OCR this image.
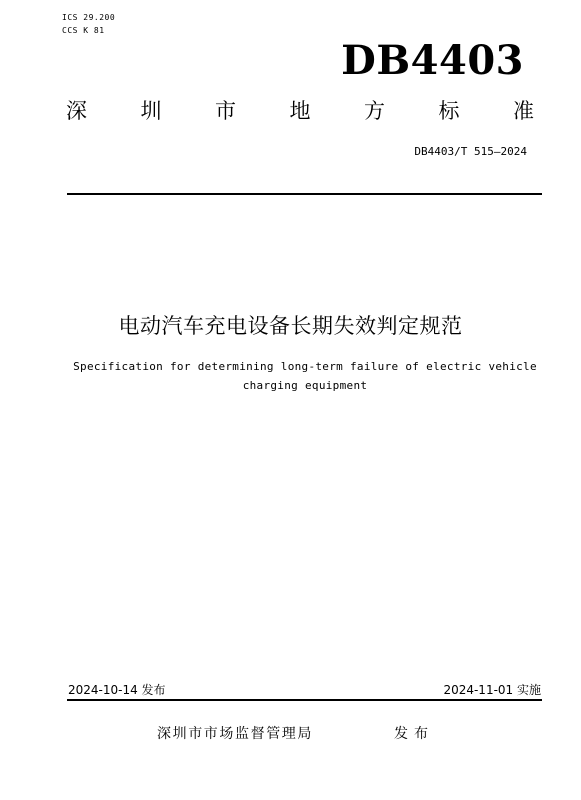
ICS 29.200
CCS K 81
DB4403
深	圳	市	地	方	标	准
DB4403/T 515—2024
电动汽车充电设备长期失效判定规范
Specification for determining long-term failure of electric vehicle
charging equipment
2024-10-14 发布	2024-11-01 实施
深圳市市场监督管理局	发布
